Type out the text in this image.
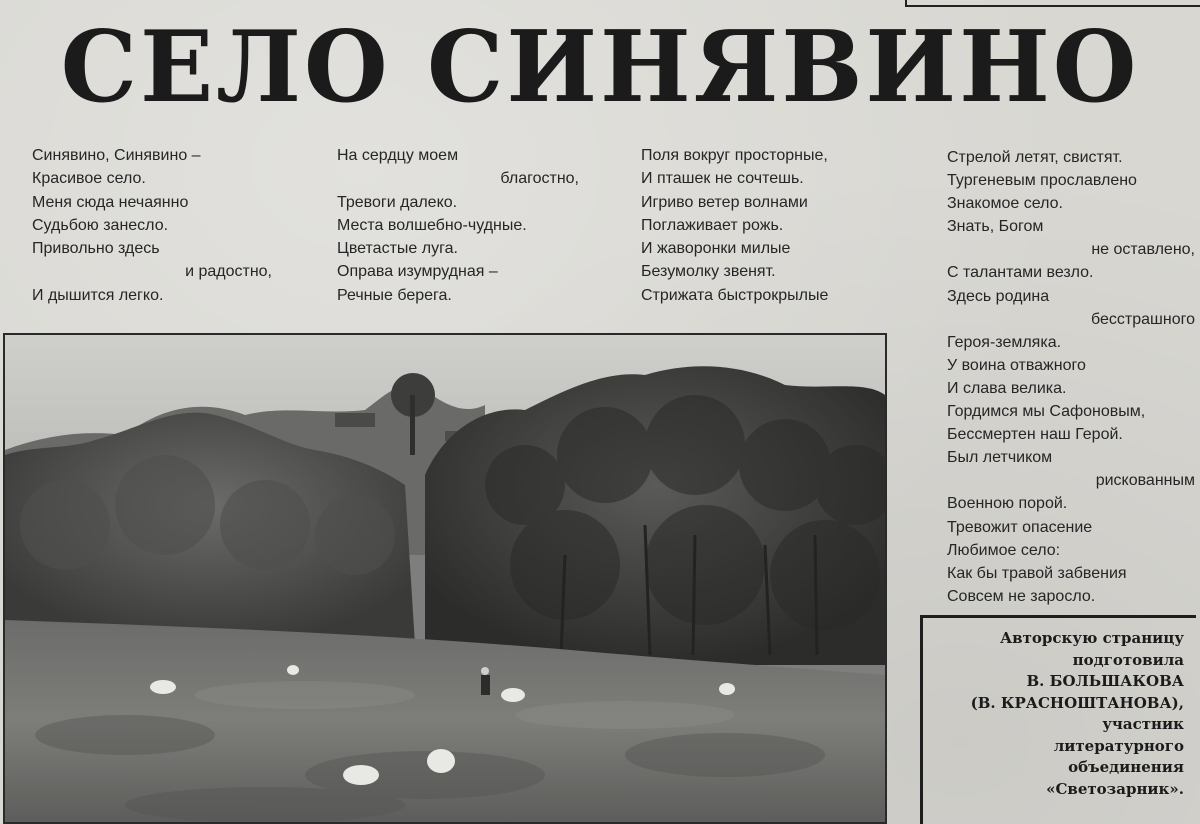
СЕЛО СИНЯВИНО
Синявино, Синявино –
Красивое село.
Меня сюда нечаянно
Судьбою занесло.
Привольно здесь
и радостно,
И дышится легко.
На сердцу моем
благостно,
Тревоги далеко.
Места волшебно-чудные.
Цветастые луга.
Оправа изумрудная –
Речные берега.
Поля вокруг просторные,
И пташек не сочтешь.
Игриво ветер волнами
Поглаживает рожь.
И жаворонки милые
Безумолку звенят.
Стрижата быстрокрылые
Стрелой летят, свистят.
Тургеневым прославлено
Знакомое село.
Знать, Богом
не оставлено,
С талантами везло.
Здесь родина
бесстрашного
Героя-земляка.
У воина отважного
И слава велика.
Гордимся мы Сафоновым,
Бессмертен наш Герой.
Был летчиком
рискованным
Военною порой.
Тревожит опасение
Любимое село:
Как бы травой забвения
Совсем не заросло.
Авторскую страницу
подготовила
В. БОЛЬШАКОВА
(В. КРАСНОШТАНОВА),
участник
литературного
объединения
«Светозарник».
